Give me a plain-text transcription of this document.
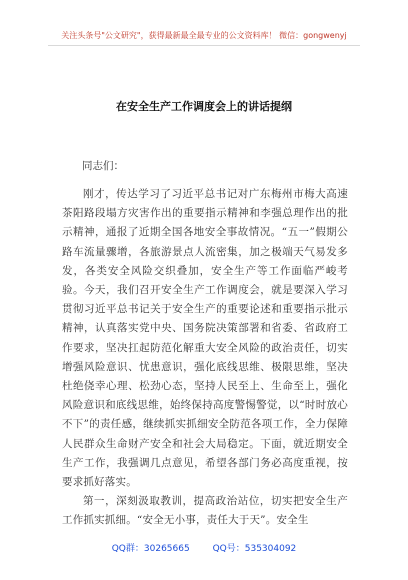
关注头条号"公文研究"，获得最新最全最专业的公文资料库！ 微信：gongwenyj
在安全生产工作调度会上的讲话提纲
同志们：

刚才，传达学习了习近平总书记对广东梅州市梅大高速茶阳路段塌方灾害作出的重要指示精神和李强总理作出的批示精神，通报了近期全国各地安全事故情况。“五一”假期公路车流量骤增，各旅游景点人流密集，加之极端天气易发多发，各类安全风险交织叠加，安全生产等工作面临严峻考验。今天，我们召开安全生产工作调度会，就是要深入学习贯彻习近平总书记关于安全生产的重要论述和重要指示批示精神，认真落实党中央、国务院决策部署和省委、省政府工作要求，坚决扛起防范化解重大安全风险的政治责任，切实增强风险意识、忧患意识，强化底线思维、极限思维，坚决杜绝侥幸心理、松劲心态，坚持人民至上、生命至上，强化风险意识和底线思维，始终保持高度警惕警觉，以“时时放心不下”的责任感，继续抓实抓细安全防范各项工作，全力保障人民群众生命财产安全和社会大局稳定。下面，就近期安全生产工作，我强调几点意见，希望各部门务必高度重视，按要求抓好落实。

第一，深刻汲取教训，提高政治站位，切实把安全生产工作抓实抓细。“安全无小事，责任大于天”。安全生

QQ群：30265665	QQ号：535304092
